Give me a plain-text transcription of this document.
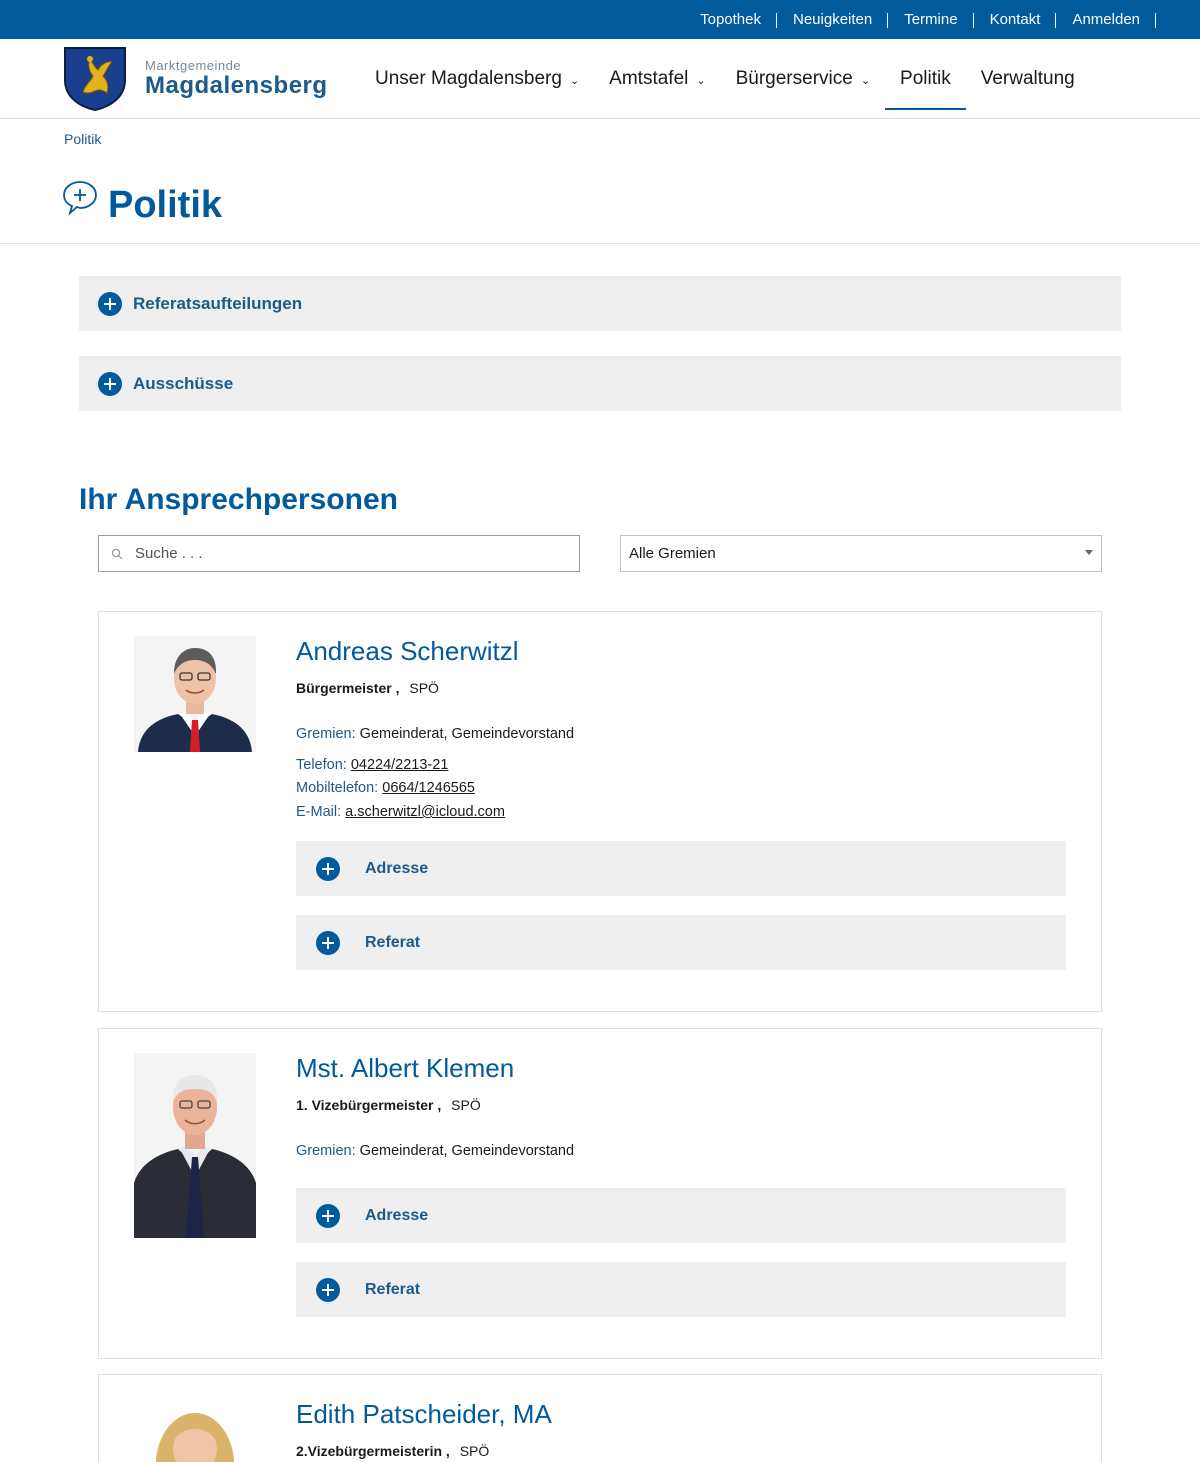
Topothek	Neuigkeiten	Termine	Kontakt	Anmelden
Marktgemeinde
Magdalensberg Unser Magdalensberg ⌄ Amtstafel ⌄ Bürgerservice ⌄ Politik Verwaltung
Politik
Politik
Referatsaufteilungen
Ausschüsse
Ihr Ansprechpersonen
Suche . . .
Alle Gremien
Andreas Scherwitzl
Bürgermeister , SPÖ
Gremien: Gemeinderat, Gemeindevorstand
Telefon: 04224/2213-21
Mobiltelefon: 0664/1246565
E-Mail: a.scherwitzl@icloud.com
Adresse
Referat
Mst. Albert Klemen
1. Vizebürgermeister , SPÖ
Gremien: Gemeinderat, Gemeindevorstand
Adresse
Referat
Edith Patscheider, MA
2.Vizebürgermeisterin , SPÖ
